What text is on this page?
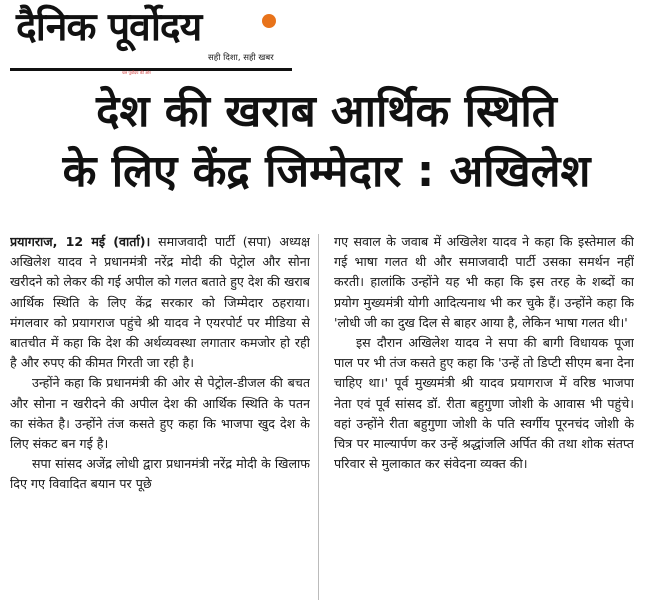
दैनिक पूर्वोदय
सही दिशा, सही खबर
चल पूर्वोदय की ओर
देश की खराब आर्थिक स्थिति
के लिए केंद्र जिम्मेदार : अखिलेश

प्रयागराज, 12 मई (वार्ता)। समाजवादी पार्टी (सपा) अध्यक्ष अखिलेश यादव ने प्रधानमंत्री नरेंद्र मोदी की पेट्रोल और सोना खरीदने को लेकर की गई अपील को गलत बताते हुए देश की खराब आर्थिक स्थिति के लिए केंद्र सरकार को जिम्मेदार ठहराया। मंगलवार को प्रयागराज पहुंचे श्री यादव ने एयरपोर्ट पर मीडिया से बातचीत में कहा कि देश की अर्थव्यवस्था लगातार कमजोर हो रही है और रुपए की कीमत गिरती जा रही है।

उन्होंने कहा कि प्रधानमंत्री की ओर से पेट्रोल-डीजल की बचत और सोना न खरीदने की अपील देश की आर्थिक स्थिति के पतन का संकेत है। उन्होंने तंज कसते हुए कहा कि भाजपा खुद देश के लिए संकट बन गई है।

सपा सांसद अजेंद्र लोधी द्वारा प्रधानमंत्री नरेंद्र मोदी के खिलाफ दिए गए विवादित बयान पर पूछे

गए सवाल के जवाब में अखिलेश यादव ने कहा कि इस्तेमाल की गई भाषा गलत थी और समाजवादी पार्टी उसका समर्थन नहीं करती। हालांकि उन्होंने यह भी कहा कि इस तरह के शब्दों का प्रयोग मुख्यमंत्री योगी आदित्यनाथ भी कर चुके हैं। उन्होंने कहा कि 'लोधी जी का दुख दिल से बाहर आया है, लेकिन भाषा गलत थी।'

इस दौरान अखिलेश यादव ने सपा की बागी विधायक पूजा पाल पर भी तंज कसते हुए कहा कि 'उन्हें तो डिप्टी सीएम बना देना चाहिए था।' पूर्व मुख्यमंत्री श्री यादव प्रयागराज में वरिष्ठ भाजपा नेता एवं पूर्व सांसद डॉ. रीता बहुगुणा जोशी के आवास भी पहुंचे। वहां उन्होंने रीता बहुगुणा जोशी के पति स्वर्गीय पूरनचंद जोशी के चित्र पर माल्यार्पण कर उन्हें श्रद्धांजलि अर्पित की तथा शोक संतप्त परिवार से मुलाकात कर संवेदना व्यक्त की।
